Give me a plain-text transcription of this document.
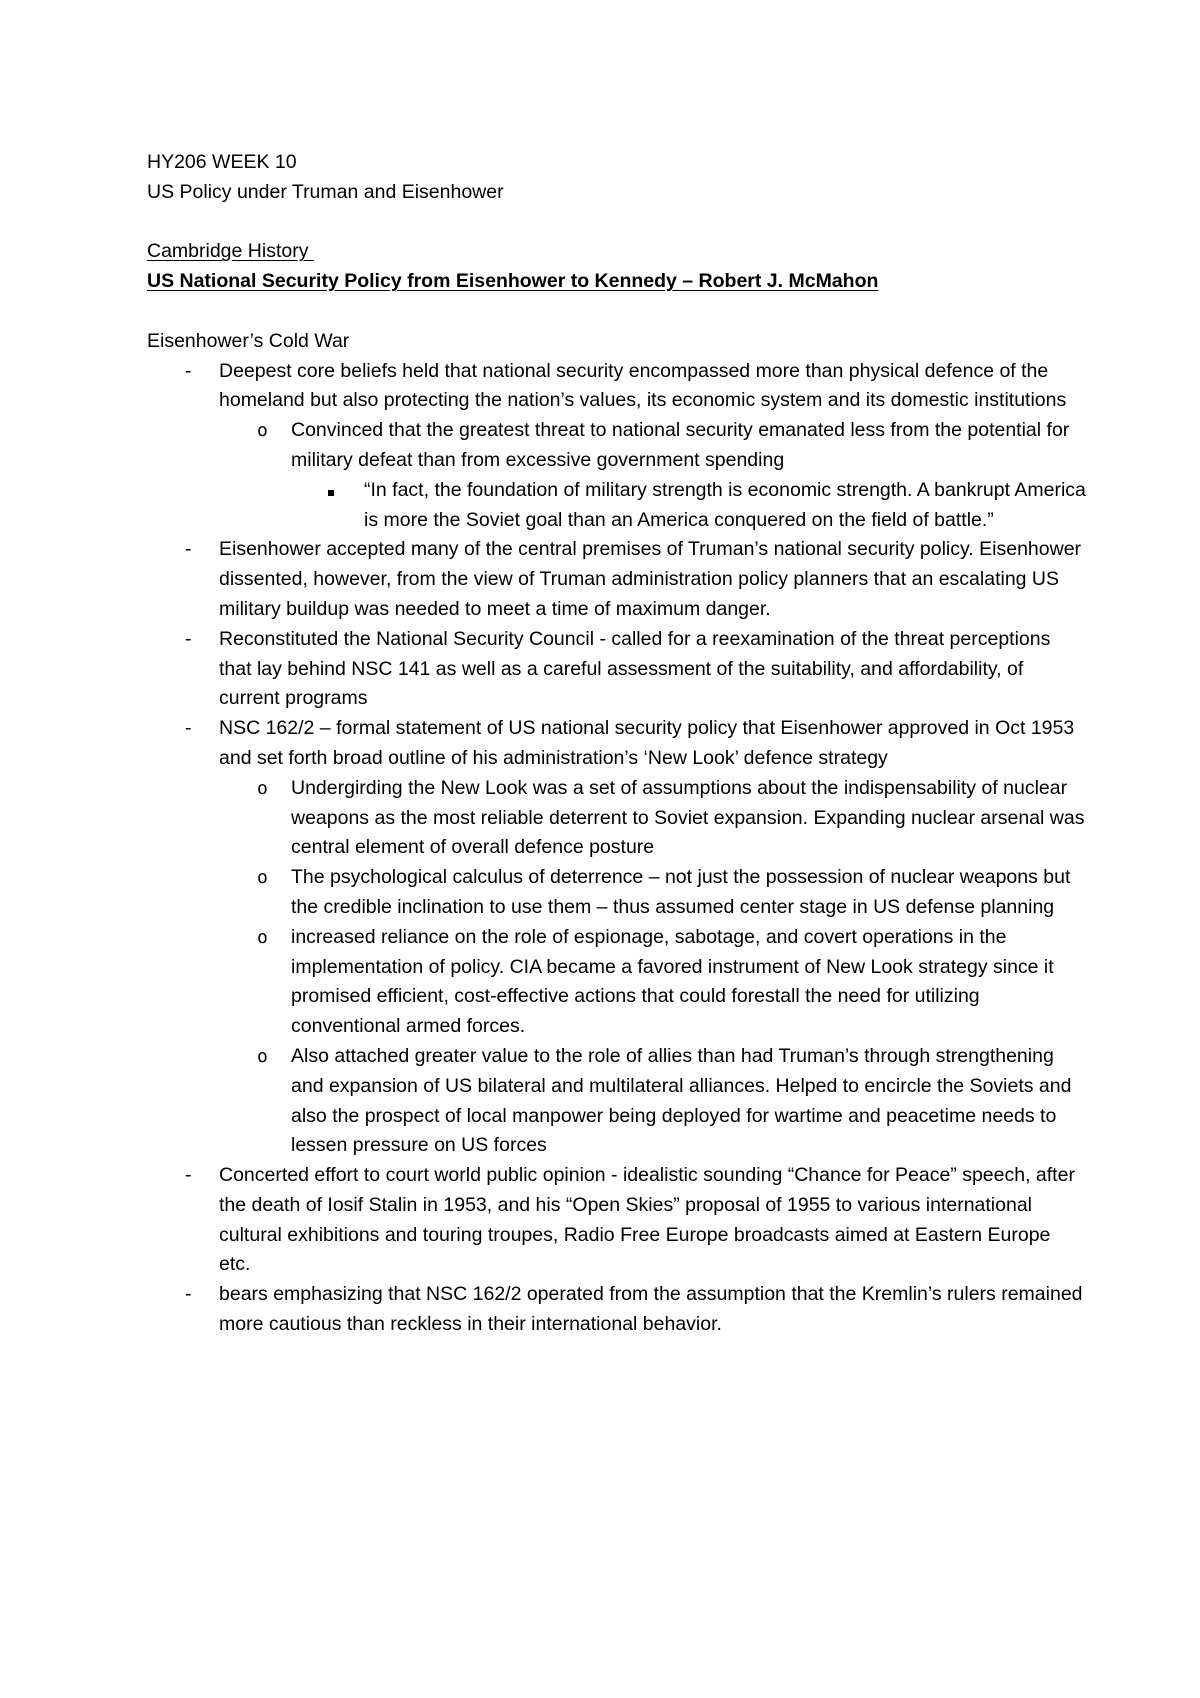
HY206 WEEK 10

US Policy under Truman and Eisenhower

Cambridge History

US National Security Policy from Eisenhower to Kennedy – Robert J. McMahon

Eisenhower’s Cold War

- Deepest core beliefs held that national security encompassed more than physical defence of the homeland but also protecting the nation’s values, its economic system and its domestic institutions
o Convinced that the greatest threat to national security emanated less from the potential for military defeat than from excessive government spending
“In fact, the foundation of military strength is economic strength. A bankrupt America is more the Soviet goal than an America conquered on the field of battle.”
- Eisenhower accepted many of the central premises of Truman’s national security policy. Eisenhower dissented, however, from the view of Truman administration policy planners that an escalating US military buildup was needed to meet a time of maximum danger.
- Reconstituted the National Security Council - called for a reexamination of the threat perceptions that lay behind NSC 141 as well as a careful assessment of the suitability, and affordability, of current programs
- NSC 162/2 – formal statement of US national security policy that Eisenhower approved in Oct 1953 and set forth broad outline of his administration’s ‘New Look’ defence strategy
o Undergirding the New Look was a set of assumptions about the indispensability of nuclear weapons as the most reliable deterrent to Soviet expansion. Expanding nuclear arsenal was central element of overall defence posture
o The psychological calculus of deterrence – not just the possession of nuclear weapons but the credible inclination to use them – thus assumed center stage in US defense planning
o increased reliance on the role of espionage, sabotage, and covert operations in the implementation of policy. CIA became a favored instrument of New Look strategy since it promised efficient, cost-effective actions that could forestall the need for utilizing conventional armed forces.
o Also attached greater value to the role of allies than had Truman’s through strengthening and expansion of US bilateral and multilateral alliances. Helped to encircle the Soviets and also the prospect of local manpower being deployed for wartime and peacetime needs to lessen pressure on US forces
- Concerted effort to court world public opinion - idealistic sounding “Chance for Peace” speech, after the death of Iosif Stalin in 1953, and his “Open Skies” proposal of 1955 to various international cultural exhibitions and touring troupes, Radio Free Europe broadcasts aimed at Eastern Europe etc.
- bears emphasizing that NSC 162/2 operated from the assumption that the Kremlin’s rulers remained more cautious than reckless in their international behavior.
